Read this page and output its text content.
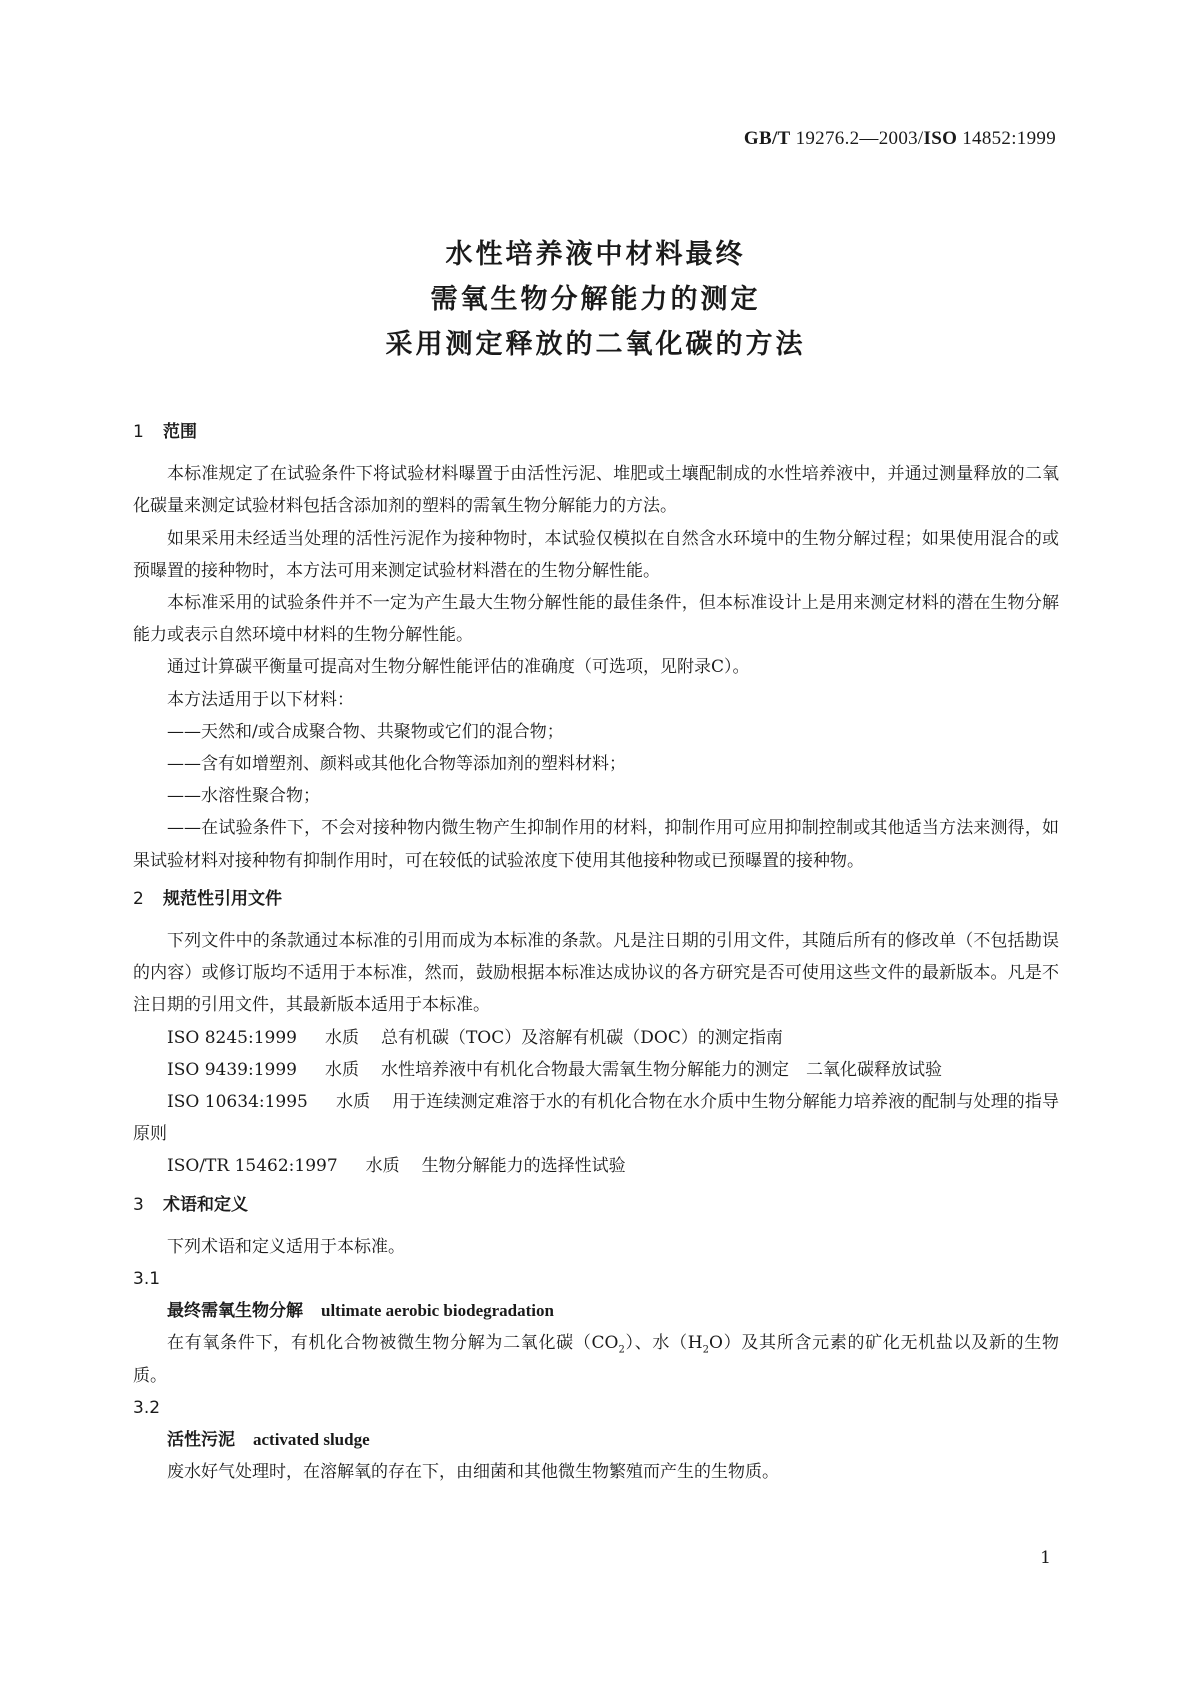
GB/T 19276.2—2003/ISO 14852:1999
水性培养液中材料最终
需氧生物分解能力的测定
采用测定释放的二氧化碳的方法
1 范围

本标准规定了在试验条件下将试验材料曝置于由活性污泥、堆肥或土壤配制成的水性培养液中，并通过测量释放的二氧化碳量来测定试验材料包括含添加剂的塑料的需氧生物分解能力的方法。

如果采用未经适当处理的活性污泥作为接种物时，本试验仅模拟在自然含水环境中的生物分解过程；如果使用混合的或预曝置的接种物时，本方法可用来测定试验材料潜在的生物分解性能。

本标准采用的试验条件并不一定为产生最大生物分解性能的最佳条件，但本标准设计上是用来测定材料的潜在生物分解能力或表示自然环境中材料的生物分解性能。

通过计算碳平衡量可提高对生物分解性能评估的准确度（可选项，见附录C）。

本方法适用于以下材料：

——天然和/或合成聚合物、共聚物或它们的混合物；

——含有如增塑剂、颜料或其他化合物等添加剂的塑料材料；

——水溶性聚合物；

——在试验条件下，不会对接种物内微生物产生抑制作用的材料，抑制作用可应用抑制控制或其他适当方法来测得，如果试验材料对接种物有抑制作用时，可在较低的试验浓度下使用其他接种物或已预曝置的接种物。

2 规范性引用文件

下列文件中的条款通过本标准的引用而成为本标准的条款。凡是注日期的引用文件，其随后所有的修改单（不包括勘误的内容）或修订版均不适用于本标准，然而，鼓励根据本标准达成协议的各方研究是否可使用这些文件的最新版本。凡是不注日期的引用文件，其最新版本适用于本标准。

ISO 8245:1999 水质 总有机碳（TOC）及溶解有机碳（DOC）的测定指南

ISO 9439:1999 水质 水性培养液中有机化合物最大需氧生物分解能力的测定　二氧化碳释放试验

ISO 10634:1995 水质 用于连续测定难溶于水的有机化合物在水介质中生物分解能力培养液的配制与处理的指导原则

ISO/TR 15462:1997 水质 生物分解能力的选择性试验

3 术语和定义

下列术语和定义适用于本标准。

3.1

最终需氧生物分解 ultimate aerobic biodegradation

在有氧条件下，有机化合物被微生物分解为二氧化碳$(CO_2)$、水$(H_2O)$及其所含元素的矿化无机盐以及新的生物质。

3.2

活性污泥 activated sludge

废水好气处理时，在溶解氧的存在下，由细菌和其他微生物繁殖而产生的生物质。

1
